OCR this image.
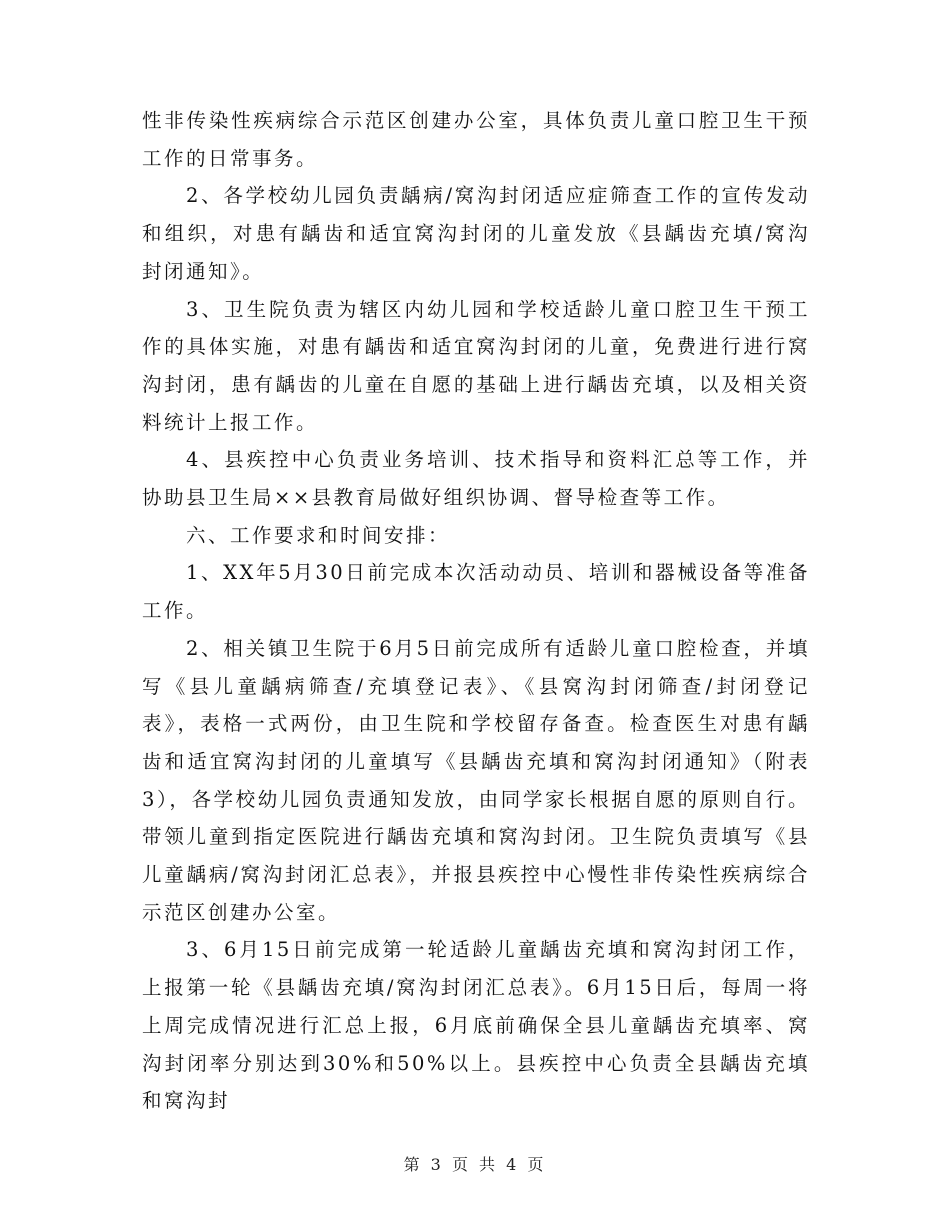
性非传染性疾病综合示范区创建办公室，具体负责儿童口腔卫生干预工作的日常事务。

2、各学校幼儿园负责龋病/窝沟封闭适应症筛查工作的宣传发动和组织，对患有龋齿和适宜窝沟封闭的儿童发放《县龋齿充填/窝沟封闭通知》。

3、卫生院负责为辖区内幼儿园和学校适龄儿童口腔卫生干预工作的具体实施，对患有龋齿和适宜窝沟封闭的儿童，免费进行进行窝沟封闭，患有龋齿的儿童在自愿的基础上进行龋齿充填，以及相关资料统计上报工作。

4、县疾控中心负责业务培训、技术指导和资料汇总等工作，并协助县卫生局××县教育局做好组织协调、督导检查等工作。

六、工作要求和时间安排：

1、XX年5月30日前完成本次活动动员、培训和器械设备等准备工作。

2、相关镇卫生院于6月5日前完成所有适龄儿童口腔检查，并填写《县儿童龋病筛查/充填登记表》、《县窝沟封闭筛查/封闭登记表》，表格一式两份，由卫生院和学校留存备查。检查医生对患有龋齿和适宜窝沟封闭的儿童填写《县龋齿充填和窝沟封闭通知》（附表3），各学校幼儿园负责通知发放，由同学家长根据自愿的原则自行。带领儿童到指定医院进行龋齿充填和窝沟封闭。卫生院负责填写《县儿童龋病/窝沟封闭汇总表》，并报县疾控中心慢性非传染性疾病综合示范区创建办公室。

3、6月15日前完成第一轮适龄儿童龋齿充填和窝沟封闭工作，上报第一轮《县龋齿充填/窝沟封闭汇总表》。6月15日后，每周一将上周完成情况进行汇总上报，6月底前确保全县儿童龋齿充填率、窝沟封闭率分别达到30%和50%以上。县疾控中心负责全县龋齿充填和窝沟封

第 3 页 共 4 页
